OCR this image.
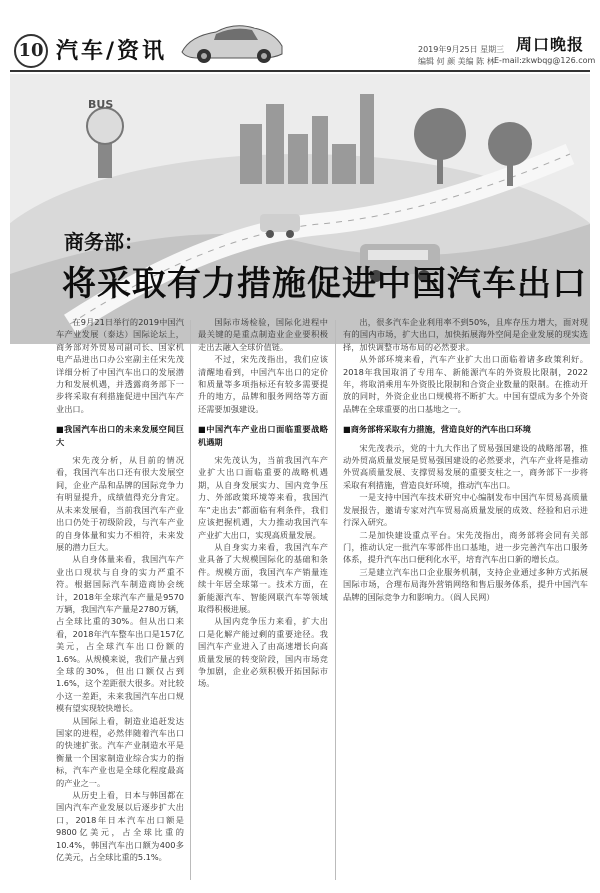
10 汽车/资讯	2019年9月25日 星期三
编辑 何 颜 美编 陈 林
周口晚报
E-mail:zkwbqg@126.com
BUS
商务部：
将采取有力措施促进中国汽车出口

在9月21日举行的2019中国汽车产业发展（泰达）国际论坛上，商务部对外贸易司副司长、国家机电产品进出口办公室副主任宋先茂详细分析了中国汽车出口的发展潜力和发展机遇，并透露商务部下一步将采取有利措施促进中国汽车产业出口。

■我国汽车出口的未来发展空间巨大

宋先茂分析，从目前的情况看，我国汽车出口还有很大发展空间，企业产品和品牌的国际竞争力有明显提升，成绩值得充分肯定。从未来发展看，当前我国汽车产业出口仍处于初级阶段，与汽车产业的自身体量和实力不相符，未来发展的潜力巨大。

从自身体量来看，我国汽车产业出口现状与自身的实力严重不符。根据国际汽车制造商协会统计，2018年全球汽车产量是9570万辆，我国汽车产量是2780万辆，占全球比重的30%。但从出口来看，2018年汽车整车出口是157亿美元，占全球汽车出口份额的1.6%。从规模来说，我们产量占到全球的30%，但出口额仅占到1.6%，这个差距很大很多。对比较小这一差距，未来我国汽车出口规模有望实现较快增长。

从国际上看，制造业追赶发达国家的进程，必然伴随着汽车出口的快速扩张。汽车产业制造水平是衡量一个国家制造业综合实力的指标，汽车产业也是全球化程度最高的产业之一。

从历史上看，日本与韩国都在国内汽车产业发展以后逐步扩大出口，2018年日本汽车出口额是9800亿美元，占全球比重的10.4%，韩国汽车出口额为400多亿美元，占全球比重的5.1%。

国际市场检验，国际化进程中最关键的是重点制造业企业要积极走出去融入全球价值链。

不过，宋先茂指出，我们应该清醒地看到，中国汽车出口的定价和质量等多项指标还有较多需要提升的地方，品牌和服务网络等方面还需要加强建设。

■中国汽车产业出口面临重要战略机遇期

宋先茂认为，当前我国汽车产业扩大出口面临重要的战略机遇期，从自身发展实力、国内竞争压力、外部政策环境等来看，我国汽车“走出去”都面临有利条件，我们应该把握机遇，大力推动我国汽车产业扩大出口，实现高质量发展。

从自身实力来看，我国汽车产业具备了大规模国际化的基础和条件。规模方面，我国汽车产销量连续十年居全球第一。技术方面，在新能源汽车、智能网联汽车等领域取得积极进展。

从国内竞争压力来看，扩大出口是化解产能过剩的重要途径。我国汽车产业进入了由高速增长向高质量发展的转变阶段，国内市场竞争加剧，企业必须积极开拓国际市场。

出，很多汽车企业利用率不到50%，且库存压力增大，面对现有的国内市场，扩大出口，加快拓展海外空间是企业发展的现实选择，加快调整市场布局的必然要求。

从外部环境来看，汽车产业扩大出口面临着诸多政策利好。2018年我国取消了专用车、新能源汽车的外资股比限制，2022年，将取消乘用车外资股比限制和合资企业数量的限制。在推动开放的同时，外资企业出口规模将不断扩大。中国有望成为多个外资品牌在全球重要的出口基地之一。

■商务部将采取有力措施，营造良好的汽车出口环境

宋先茂表示，党的十九大作出了贸易强国建设的战略部署，推动外贸高质量发展是贸易强国建设的必然要求，汽车产业将是推动外贸高质量发展、支撑贸易发展的重要支柱之一，商务部下一步将采取有利措施，营造良好环境，推动汽车出口。

一是支持中国汽车技术研究中心编制发布中国汽车贸易高质量发展报告，邀请专家对汽车贸易高质量发展的成效、经验和启示进行深入研究。

二是加快建设重点平台。宋先茂指出，商务部将会同有关部门，推动认定一批汽车零部件出口基地，进一步完善汽车出口服务体系，提升汽车出口便利化水平，培育汽车出口新的增长点。

三是建立汽车出口企业服务机制，支持企业通过多种方式拓展国际市场，合理布局海外营销网络和售后服务体系，提升中国汽车品牌的国际竞争力和影响力。（阎人民网）
